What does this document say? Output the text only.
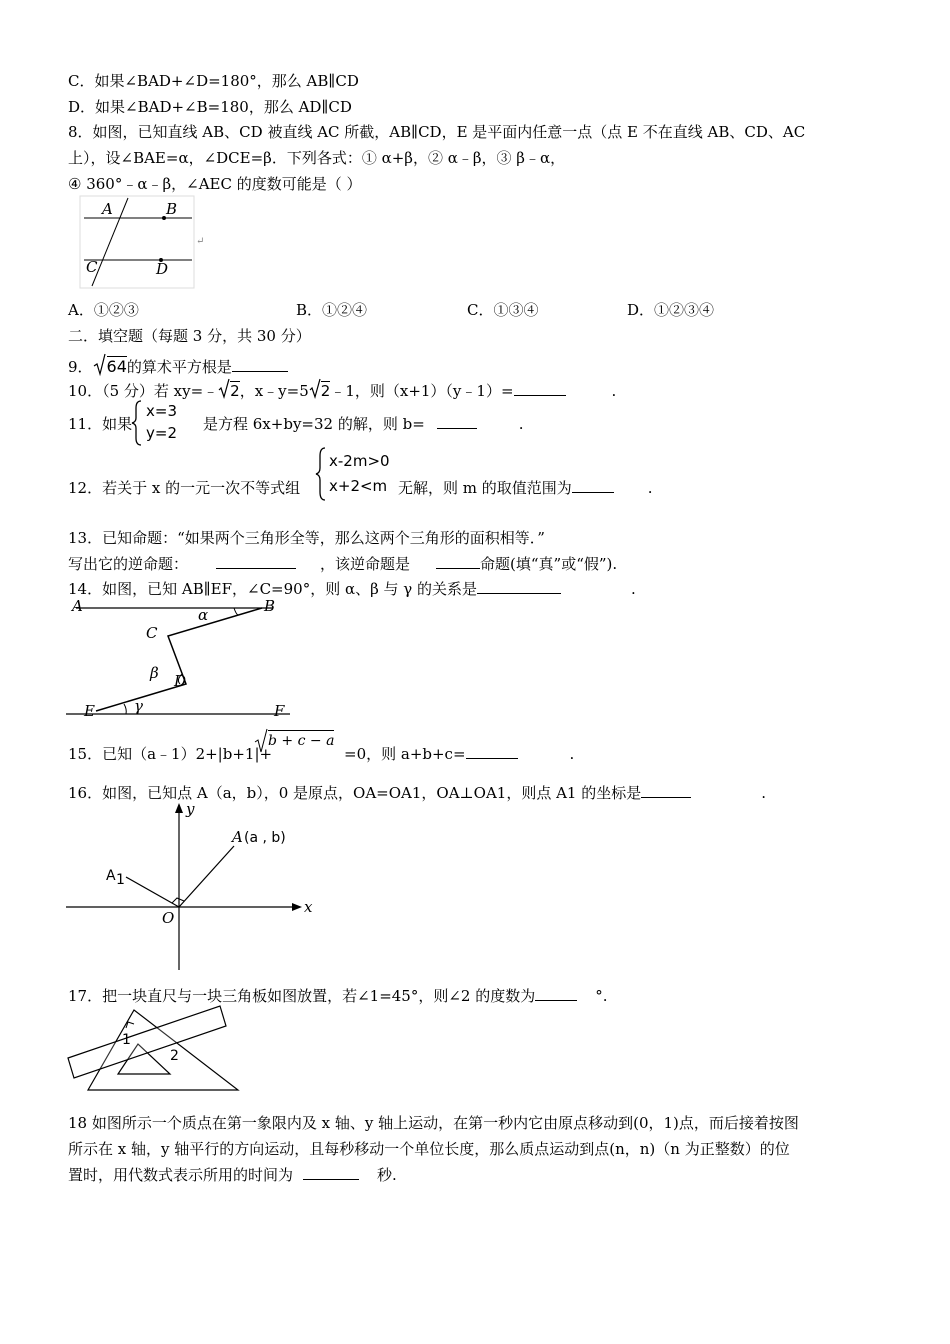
C．如果∠BAD+∠D=180°，那么 AB∥CD
D．如果∠BAD+∠B=180，那么 AD∥CD
8．如图，已知直线 AB、CD 被直线 AC 所截，AB∥CD，E 是平面内任意一点（点 E 不在直线 AB、CD、AC
上），设∠BAE=α，∠DCE=β．下列各式：① α+β，② α﹣β，③ β﹣α，
④ 360°﹣α﹣β，∠AEC 的度数可能是（ ）
A	B
C	D
↵
A．①②③	B．①②④	C．①③④	D．①②③④
二．填空题（每题 3 分，共 30 分）
9． 64的算术平方根是
10．（5 分）若 xy=﹣ 2，x﹣y=5 2﹣1，则（x+1）（y﹣1）=	.
11．如果
x=3
y=2 是方程 6x+by=32 的解，则 b=	.
12．若关于 x 的一元一次不等式组
x-2m>0
x+2<m 无解，则 m 的取值范围为	.
13．已知命题：“如果两个三角形全等，那么这两个三角形的面积相等．”
写出它的逆命题：	，该逆命题是	命题(填“真”或“假”).
14．如图，已知 AB∥EF，∠C=90°，则 α、β 与 γ 的关系是	.
A	B
C
D
E	F
α
β
γ
15．已知（a﹣1）2+|b+1|+
b + c − a
=0，则 a+b+c=	.
16．如图，已知点 A（a，b），0 是原点，OA=OA1，OA⊥OA1，则点 A1 的坐标是	.
y
x
O
A (a , b)
A 1
17．把一块直尺与一块三角板如图放置，若∠1=45°，则∠2 的度数为	°.
1
2
18 如图所示一个质点在第一象限内及 x 轴、y 轴上运动，在第一秒内它由原点移动到(0，1)点，而后接着按图
所示在 x 轴，y 轴平行的方向运动，且每秒移动一个单位长度，那么质点运动到点(n，n)（n 为正整数）的位
置时，用代数式表示所用的时间为	秒.
